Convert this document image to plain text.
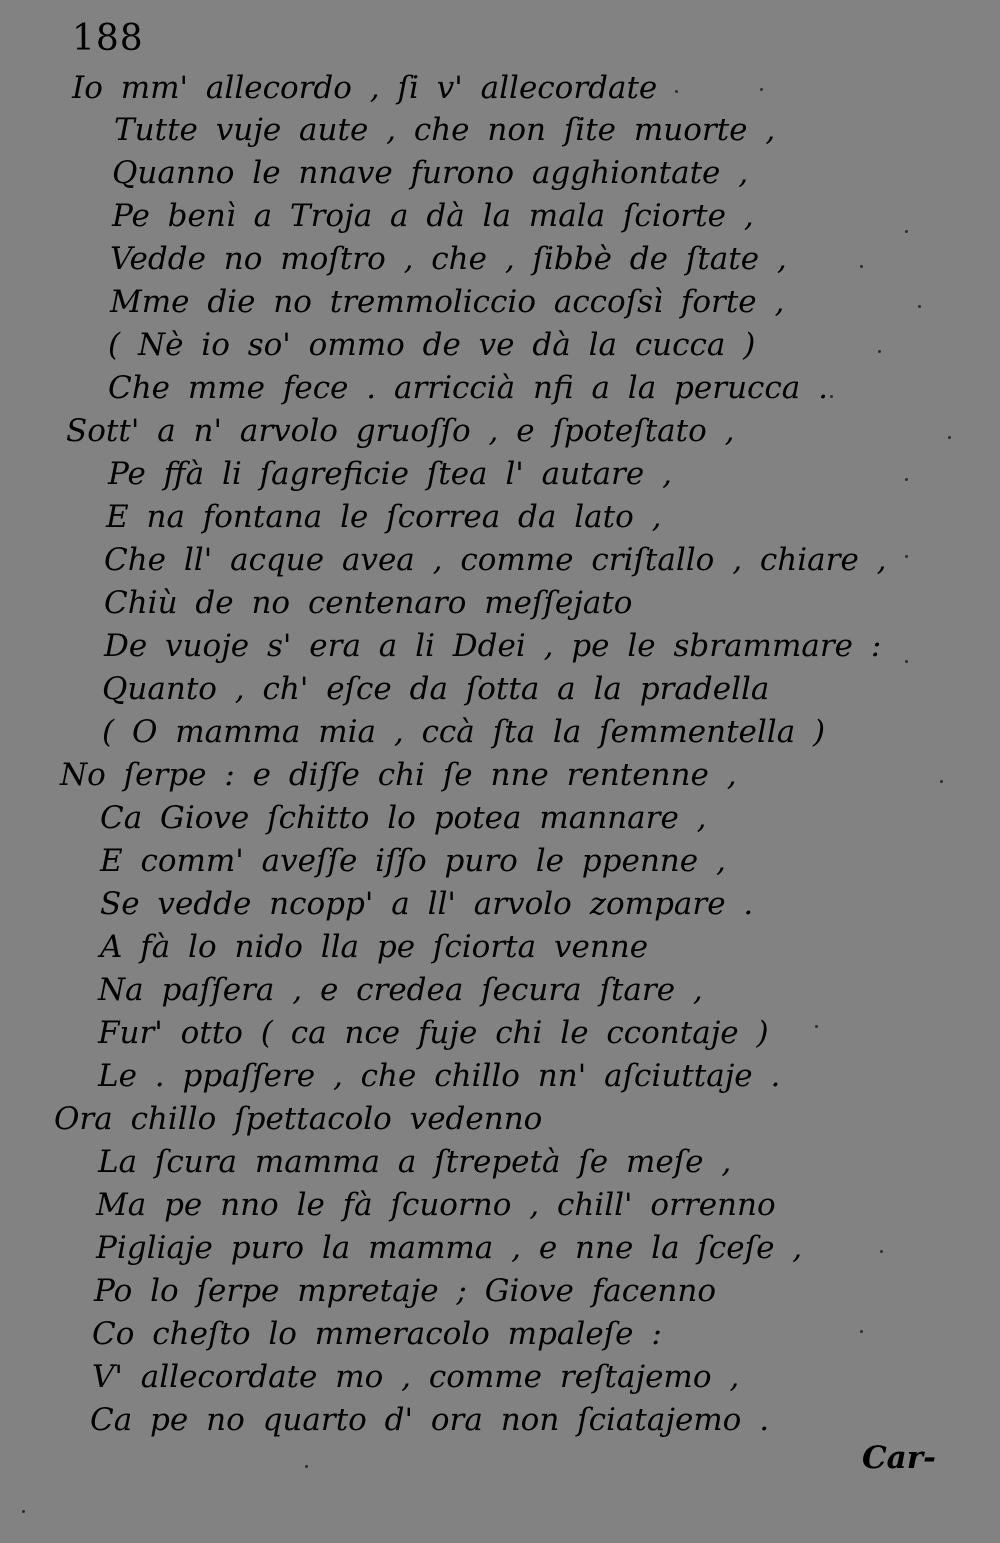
188
Io mm' allecordo , ſi v' allecordate
Tutte vuje aute , che non ſite muorte ,
Quanno le nnave furono agghiontate ,
Pe benì a Troja a dà la mala ſciorte ,
Vedde no moſtro , che , ſibbè de ſtate ,
Mme die no tremmoliccio accoſsì forte ,
( Nè io so' ommo de ve dà la cucca )
Che mme fece . arriccià nfi a la perucca .
Sott' a n' arvolo gruoſſo , e ſpoteſtato ,
Pe ffà li ſagreficie ſtea l' autare ,
E na fontana le ſcorrea da lato ,
Che ll' acque avea , comme criſtallo , chiare ,
Chiù de no centenaro meſſejato
De vuoje s' era a li Ddei , pe le sbrammare :
Quanto , ch' eſce da ſotta a la pradella
( O mamma mia , ccà ſta la ſemmentella )
No ſerpe : e diſſe chi ſe nne rentenne ,
Ca Giove ſchitto lo potea mannare ,
E comm' aveſſe iſſo puro le ppenne ,
Se vedde ncopp' a ll' arvolo zompare .
A fà lo nido lla pe ſciorta venne
Na paſſera , e credea ſecura ſtare ,
Fur' otto ( ca nce fuje chi le ccontaje )
Le . ppaſſere , che chillo nn' aſciuttaje .
Ora chillo ſpettacolo vedenno
La ſcura mamma a ſtrepetà ſe meſe ,
Ma pe nno le fà ſcuorno , chill' orrenno
Pigliaje puro la mamma , e nne la ſceſe ,
Po lo ſerpe mpretaje ; Giove facenno
Co cheſto lo mmeracolo mpaleſe :
V' allecordate mo , comme reſtajemo ,
Ca pe no quarto d' ora non ſciatajemo .
Car-
